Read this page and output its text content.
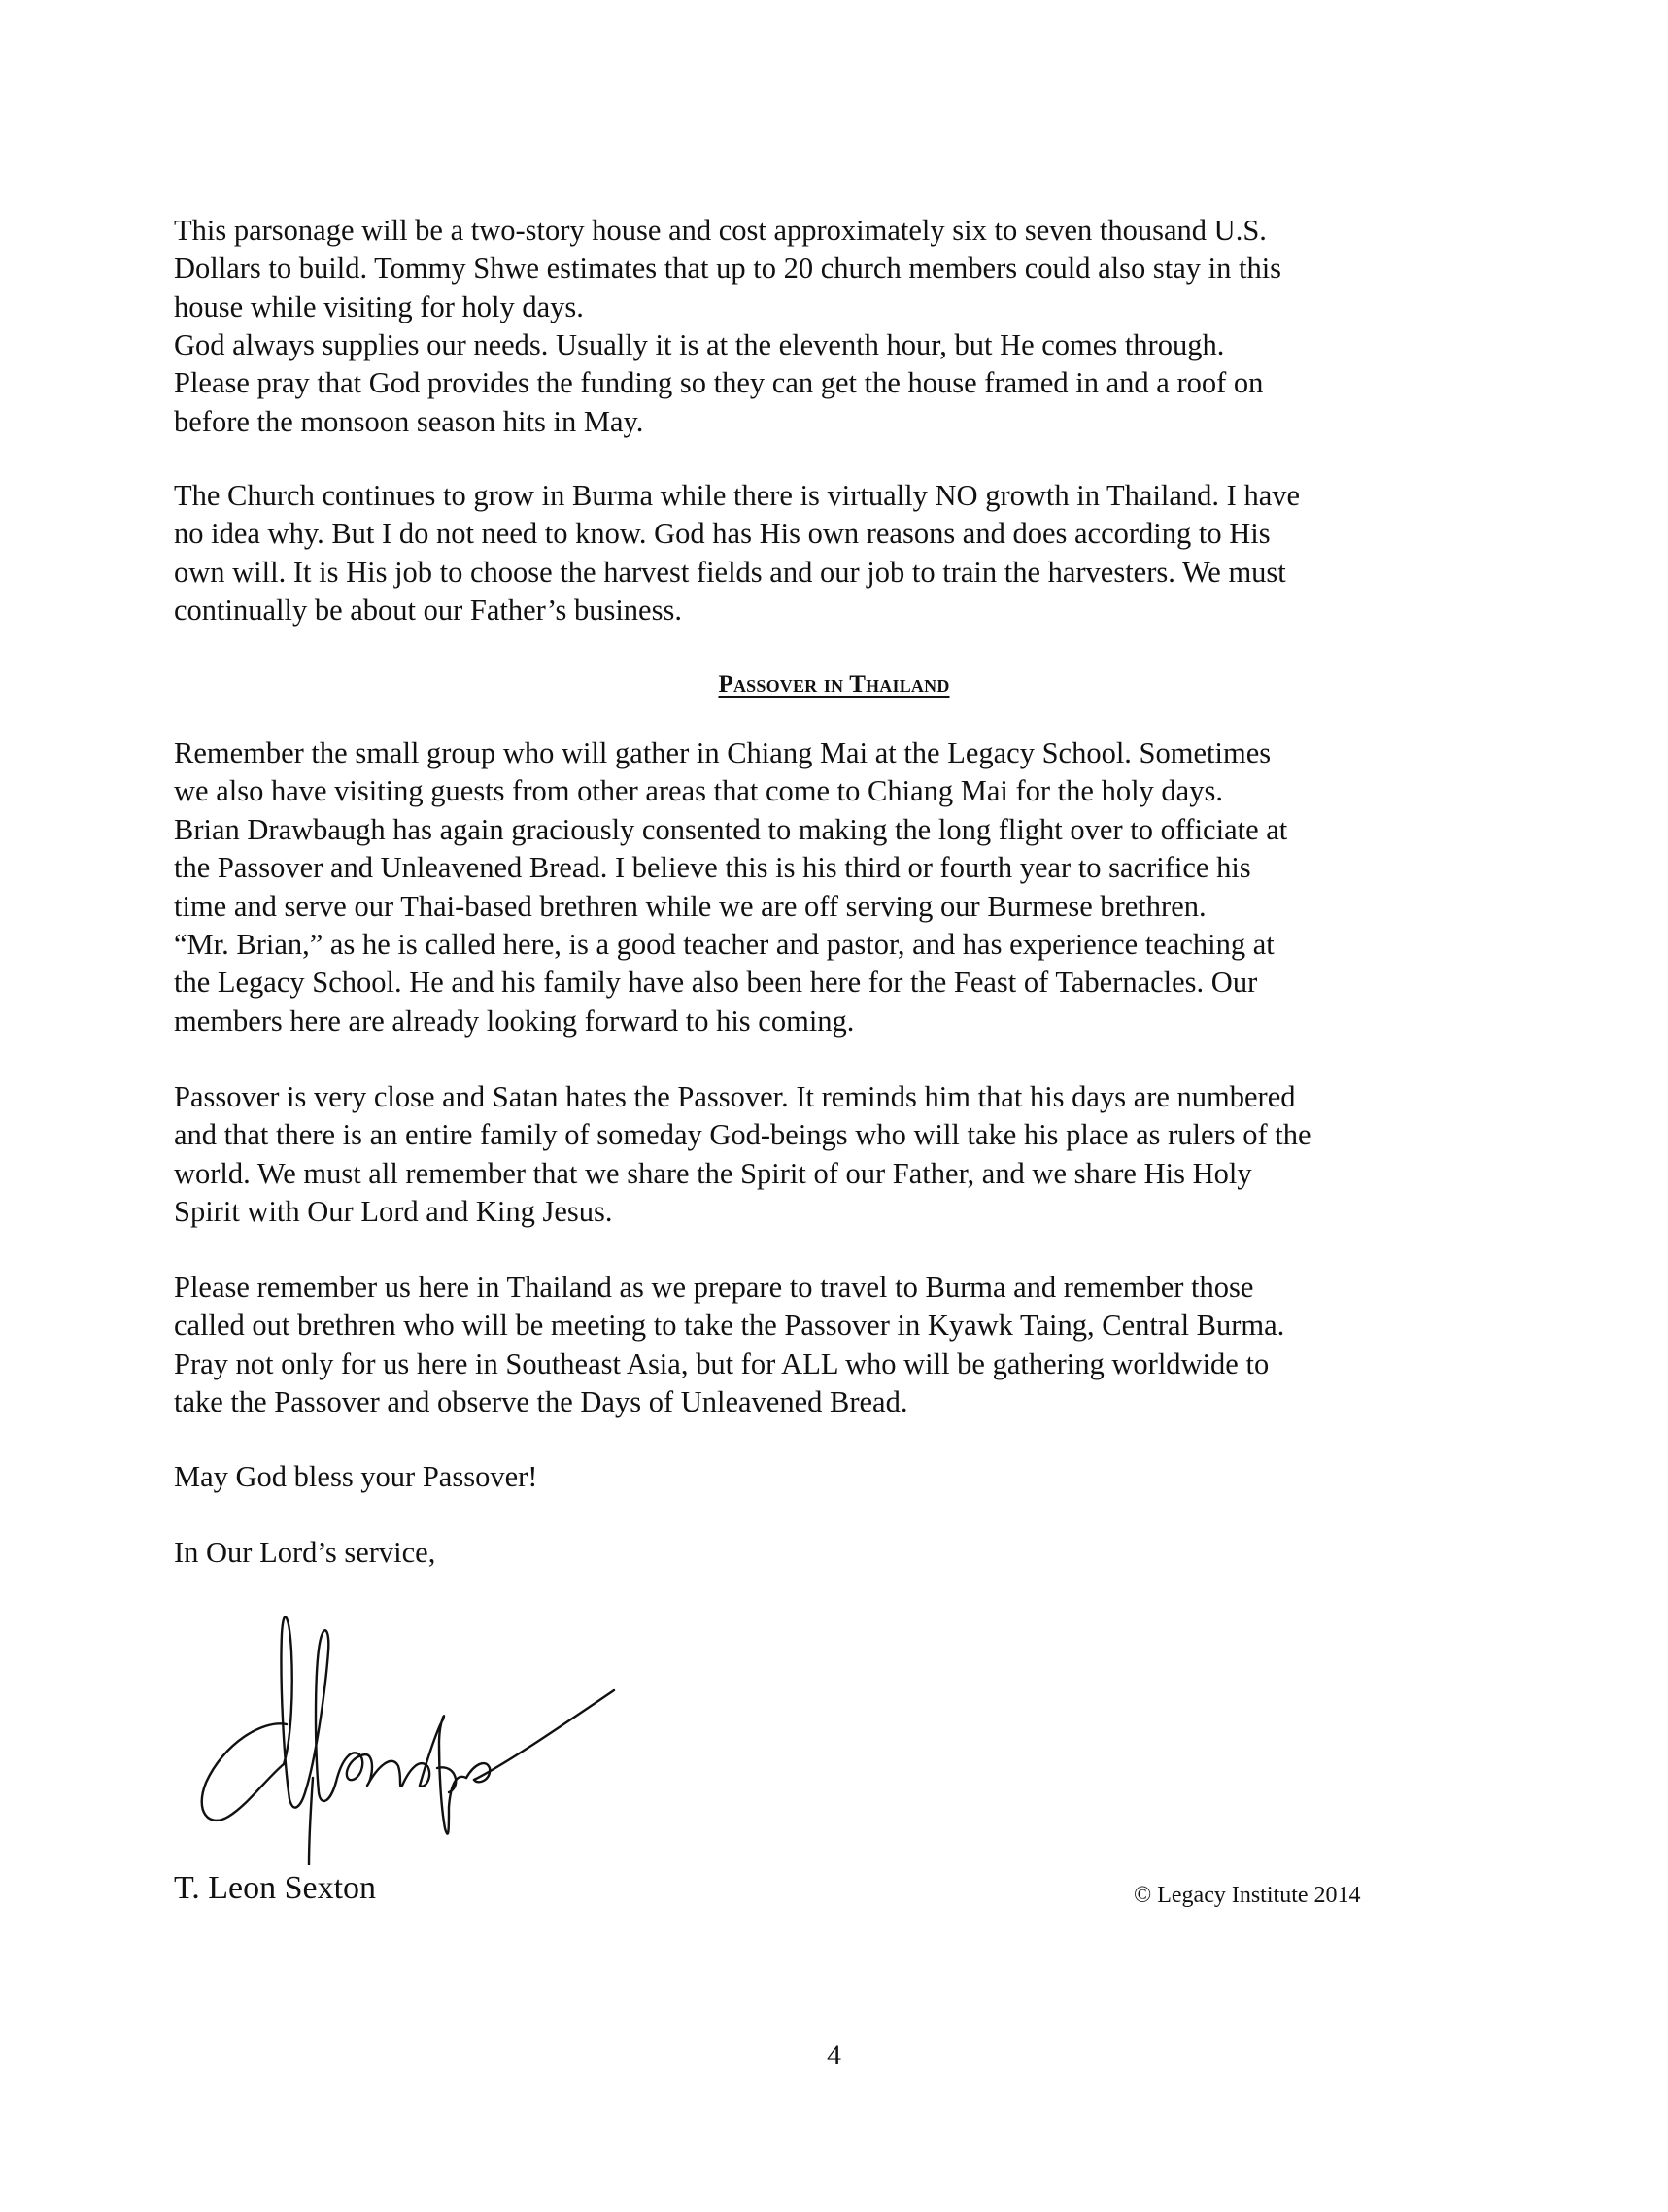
This parsonage will be a two-story house and cost approximately six to seven thousand U.S.
Dollars to build. Tommy Shwe estimates that up to 20 church members could also stay in this
house while visiting for holy days.

God always supplies our needs. Usually it is at the eleventh hour, but He comes through.
Please pray that God provides the funding so they can get the house framed in and a roof on
before the monsoon season hits in May.

The Church continues to grow in Burma while there is virtually NO growth in Thailand. I have
no idea why. But I do not need to know. God has His own reasons and does according to His
own will. It is His job to choose the harvest fields and our job to train the harvesters. We must
continually be about our Father’s business.

Passover in Thailand

Remember the small group who will gather in Chiang Mai at the Legacy School. Sometimes
we also have visiting guests from other areas that come to Chiang Mai for the holy days.
Brian Drawbaugh has again graciously consented to making the long flight over to officiate at
the Passover and Unleavened Bread. I believe this is his third or fourth year to sacrifice his
time and serve our Thai-based brethren while we are off serving our Burmese brethren.
“Mr. Brian,” as he is called here, is a good teacher and pastor, and has experience teaching at
the Legacy School. He and his family have also been here for the Feast of Tabernacles. Our
members here are already looking forward to his coming.

Passover is very close and Satan hates the Passover. It reminds him that his days are numbered
and that there is an entire family of someday God-beings who will take his place as rulers of the
world. We must all remember that we share the Spirit of our Father, and we share His Holy
Spirit with Our Lord and King Jesus.

Please remember us here in Thailand as we prepare to travel to Burma and remember those
called out brethren who will be meeting to take the Passover in Kyawk Taing, Central Burma.
Pray not only for us here in Southeast Asia, but for ALL who will be gathering worldwide to
take the Passover and observe the Days of Unleavened Bread.

May God bless your Passover!

In Our Lord’s service,

T. Leon Sexton	© Legacy Institute 2014
4
